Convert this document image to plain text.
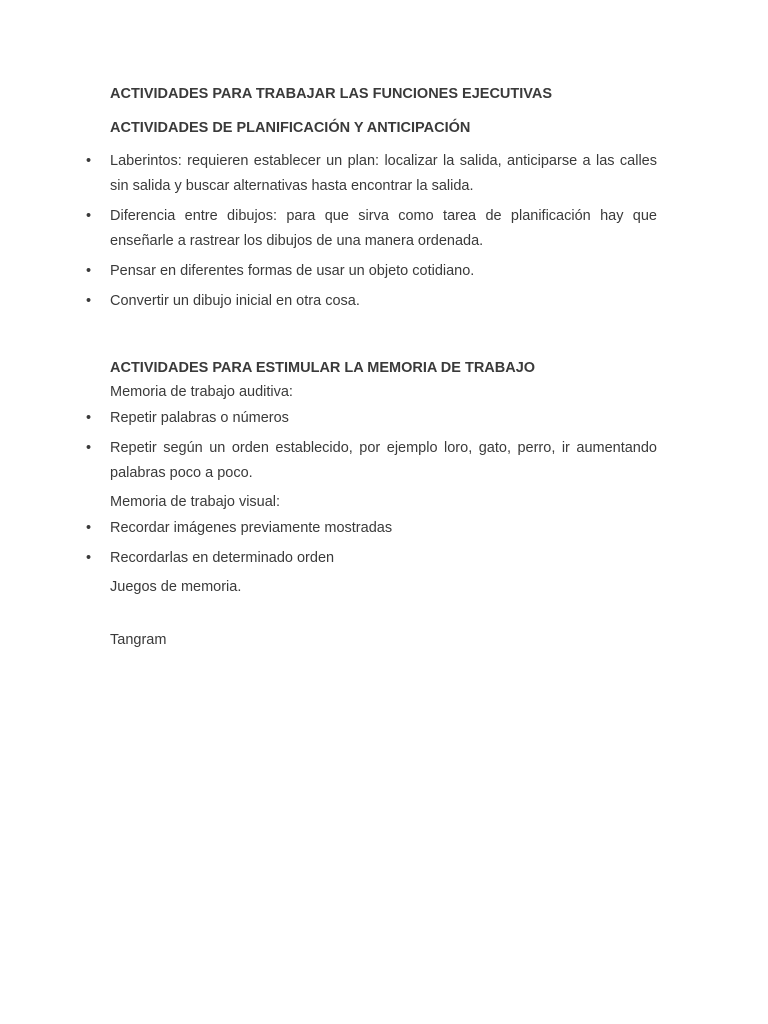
ACTIVIDADES PARA TRABAJAR LAS FUNCIONES EJECUTIVAS
ACTIVIDADES DE PLANIFICACIÓN Y ANTICIPACIÓN
• Laberintos: requieren establecer un plan: localizar la salida, anticiparse a las calles sin salida y buscar alternativas hasta encontrar la salida.

• Diferencia entre dibujos: para que sirva como tarea de planificación hay que enseñarle a rastrear los dibujos de una manera ordenada.

• Pensar en diferentes formas de usar un objeto cotidiano.

• Convertir un dibujo inicial en otra cosa.

ACTIVIDADES PARA ESTIMULAR LA MEMORIA DE TRABAJO

Memoria de trabajo auditiva:

• Repetir palabras o números

• Repetir según un orden establecido, por ejemplo loro, gato, perro, ir aumentando palabras poco a poco.

Memoria de trabajo visual:

• Recordar imágenes previamente mostradas

• Recordarlas en determinado orden

Juegos de memoria.

Tangram
